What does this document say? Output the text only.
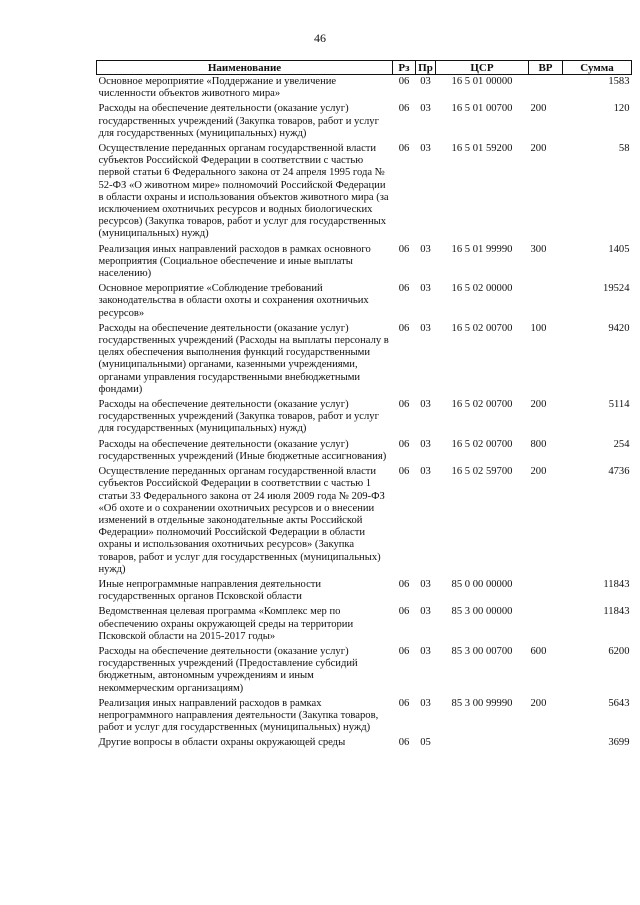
46
Наименование	Рз	Пр	ЦСР	ВР	Сумма
Основное мероприятие «Поддержание и увеличение численности объектов животного мира»	06	03	16 5 01 00000		1583
Расходы на обеспечение деятельности (оказание услуг) государственных учреждений (Закупка товаров, работ и услуг для государственных (муниципальных) нужд)	06	03	16 5 01 00700	200	120
Осуществление переданных органам государственной власти субъектов Российской Федерации в соответствии с частью первой статьи 6 Федерального закона от 24 апреля 1995 года № 52-ФЗ «О животном мире» полномочий Российской Федерации в области охраны и использования объектов животного мира (за исключением охотничьих ресурсов и водных биологических ресурсов) (Закупка товаров, работ и услуг для государственных (муниципальных) нужд)	06	03	16 5 01 59200	200	58
Реализация иных направлений расходов в рамках основного мероприятия (Социальное обеспечение и иные выплаты населению)	06	03	16 5 01 99990	300	1405
Основное мероприятие «Соблюдение требований законодательства в области охоты и сохранения охотничьих ресурсов»	06	03	16 5 02 00000		19524
Расходы на обеспечение деятельности (оказание услуг) государственных учреждений (Расходы на выплаты персоналу в целях обеспечения выполнения функций государственными (муниципальными) органами, казенными учреждениями, органами управления государственными внебюджетными фондами)	06	03	16 5 02 00700	100	9420
Расходы на обеспечение деятельности (оказание услуг) государственных учреждений (Закупка товаров, работ и услуг для государственных (муниципальных) нужд)	06	03	16 5 02 00700	200	5114
Расходы на обеспечение деятельности (оказание услуг) государственных учреждений (Иные бюджетные ассигнования)	06	03	16 5 02 00700	800	254
Осуществление переданных органам государственной власти субъектов Российской Федерации в соответствии с частью 1 статьи 33 Федерального закона от 24 июля 2009 года № 209-ФЗ «Об охоте и о сохранении охотничьих ресурсов и о внесении изменений в отдельные законодательные акты Российской Федерации» полномочий Российской Федерации в области охраны и использования охотничьих ресурсов» (Закупка товаров, работ и услуг для государственных (муниципальных) нужд)	06	03	16 5 02 59700	200	4736
Иные непрограммные направления деятельности государственных органов Псковской области	06	03	85 0 00 00000		11843
Ведомственная целевая программа «Комплекс мер по обеспечению охраны окружающей среды на территории Псковской области на 2015-2017 годы»	06	03	85 3 00 00000		11843
Расходы на обеспечение деятельности (оказание услуг) государственных учреждений (Предоставление субсидий бюджетным, автономным учреждениям и иным некоммерческим организациям)	06	03	85 3 00 00700	600	6200
Реализация иных направлений расходов в рамках непрограммного направления деятельности (Закупка товаров, работ и услуг для государственных (муниципальных) нужд)	06	03	85 3 00 99990	200	5643
Другие вопросы в области охраны окружающей среды	06	05			3699
